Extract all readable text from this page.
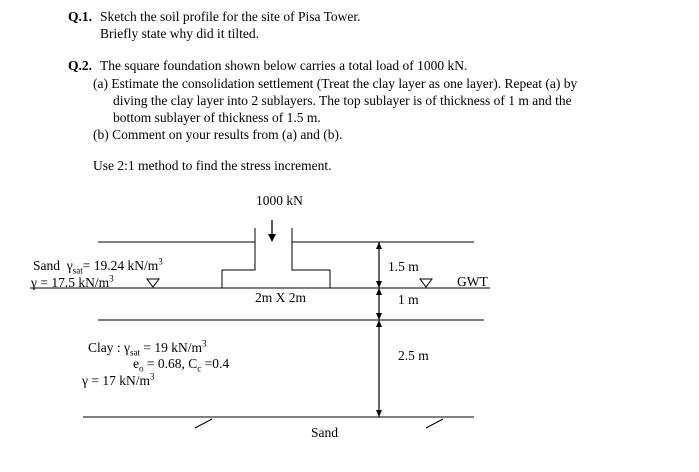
Q.1. Sketch the soil profile for the site of Pisa Tower.
Briefly state why did it tilted.
Q.2. The square foundation shown below carries a total load of 1000 kN.
(a) Estimate the consolidation settlement (Treat the clay layer as one layer). Repeat (a) by
diving the clay layer into 2 sublayers. The top sublayer is of thickness of 1 m and the
bottom sublayer of thickness of 1.5 m.
(b) Comment on your results from (a) and (b).
Use 2:1 method to find the stress increment.
1000 kN
2m X 2m
Sand $\gamma_{sat}= 19.24$ $kN/m^3$
γ = 17.5 $kN/m^3$
Clay : $\gamma_{sat} = 19$ $kN/m^3$
$e_o = 0.68$, $C_c =0.4$
γ = 17 $kN/m^3$
1.5 m
1 m
2.5 m
GWT
Sand
